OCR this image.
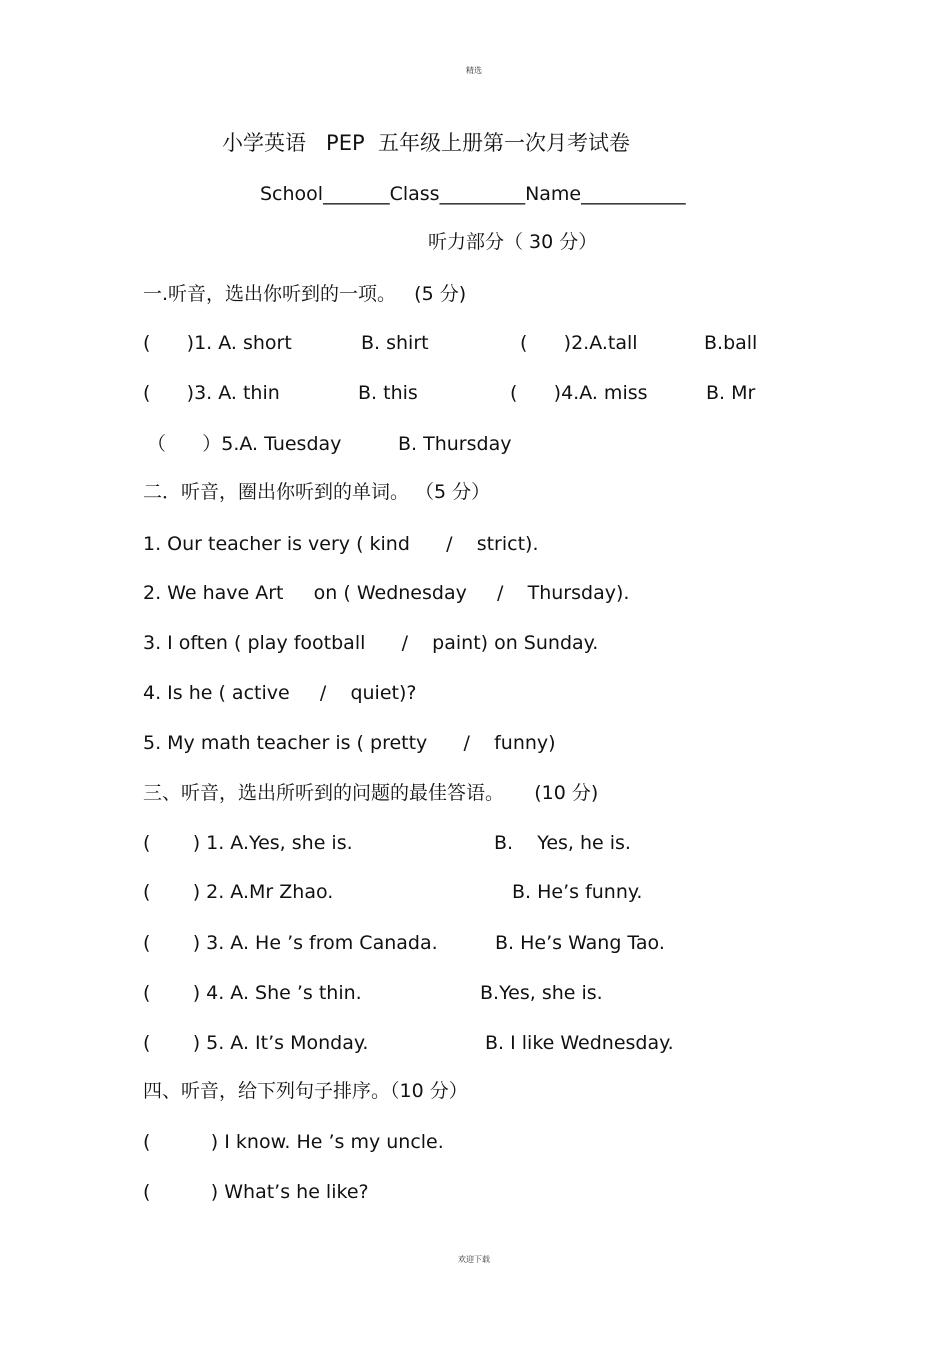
精选
小学英语   PEP  五年级上册第一次月考试卷
School_______Class_________Name___________
听力部分（ 30 分）
一.听音，选出你听到的一项。   (5 分)
(      )1. A. short	B. shirt	(      )2.A.tall	B.ball
(      )3. A. thin	B. this	(      )4.A. miss	B. Mr
（      ）5.A. Tuesday	B. Thursday
二．听音，圈出你听到的单词。 （5 分）
1. Our teacher is very ( kind      /    strict).
2. We have Art     on ( Wednesday     /    Thursday).
3. I often ( play football      /    paint) on Sunday.
4. Is he ( active     /    quiet)?
5. My math teacher is ( pretty      /    funny)
三、听音，选出所听到的问题的最佳答语。     (10 分)
(       ) 1. A.Yes, she is.	B.    Yes, he is.
(       ) 2. A.Mr Zhao.	B. He’s funny.
(       ) 3. A. He ’s from Canada.	B. He’s Wang Tao.
(       ) 4. A. She ’s thin.	B.Yes, she is.
(       ) 5. A. It’s Monday.	B. I like Wednesday.
四、听音，给下列句子排序。（10 分）
(          ) I know. He ’s my uncle.
(          ) What’s he like?
欢迎下载
